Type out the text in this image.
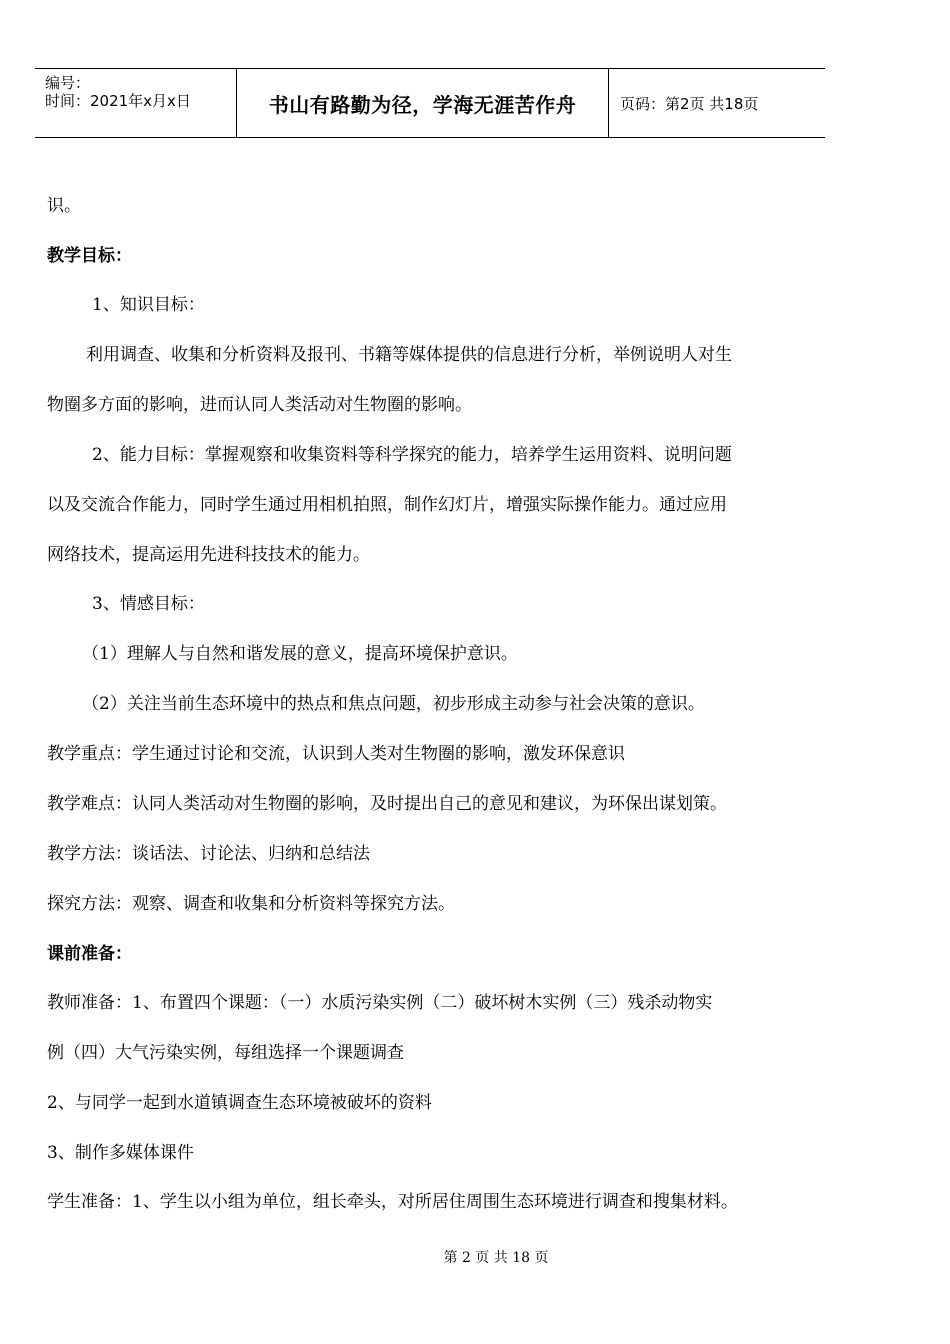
编号：
时间：2021年x月x日	书山有路勤为径，学海无涯苦作舟	页码：第2页 共18页
识。
教学目标：
1、知识目标：
利用调查、收集和分析资料及报刊、书籍等媒体提供的信息进行分析，举例说明人对生
物圈多方面的影响，进而认同人类活动对生物圈的影响。
2、能力目标：掌握观察和收集资料等科学探究的能力，培养学生运用资料、说明问题
以及交流合作能力，同时学生通过用相机拍照，制作幻灯片，增强实际操作能力。通过应用
网络技术，提高运用先进科技技术的能力。
3、情感目标：
（1）理解人与自然和谐发展的意义，提高环境保护意识。
（2）关注当前生态环境中的热点和焦点问题，初步形成主动参与社会决策的意识。
教学重点：学生通过讨论和交流，认识到人类对生物圈的影响，激发环保意识
教学难点：认同人类活动对生物圈的影响，及时提出自己的意见和建议，为环保出谋划策。
教学方法：谈话法、讨论法、归纳和总结法
探究方法：观察、调查和收集和分析资料等探究方法。
课前准备：
教师准备：1、布置四个课题：（一）水质污染实例（二）破坏树木实例（三）残杀动物实
例（四）大气污染实例，每组选择一个课题调查
2、与同学一起到水道镇调查生态环境被破坏的资料
3、制作多媒体课件
学生准备：1、学生以小组为单位，组长牵头，对所居住周围生态环境进行调查和搜集材料。
第 2 页 共 18 页
